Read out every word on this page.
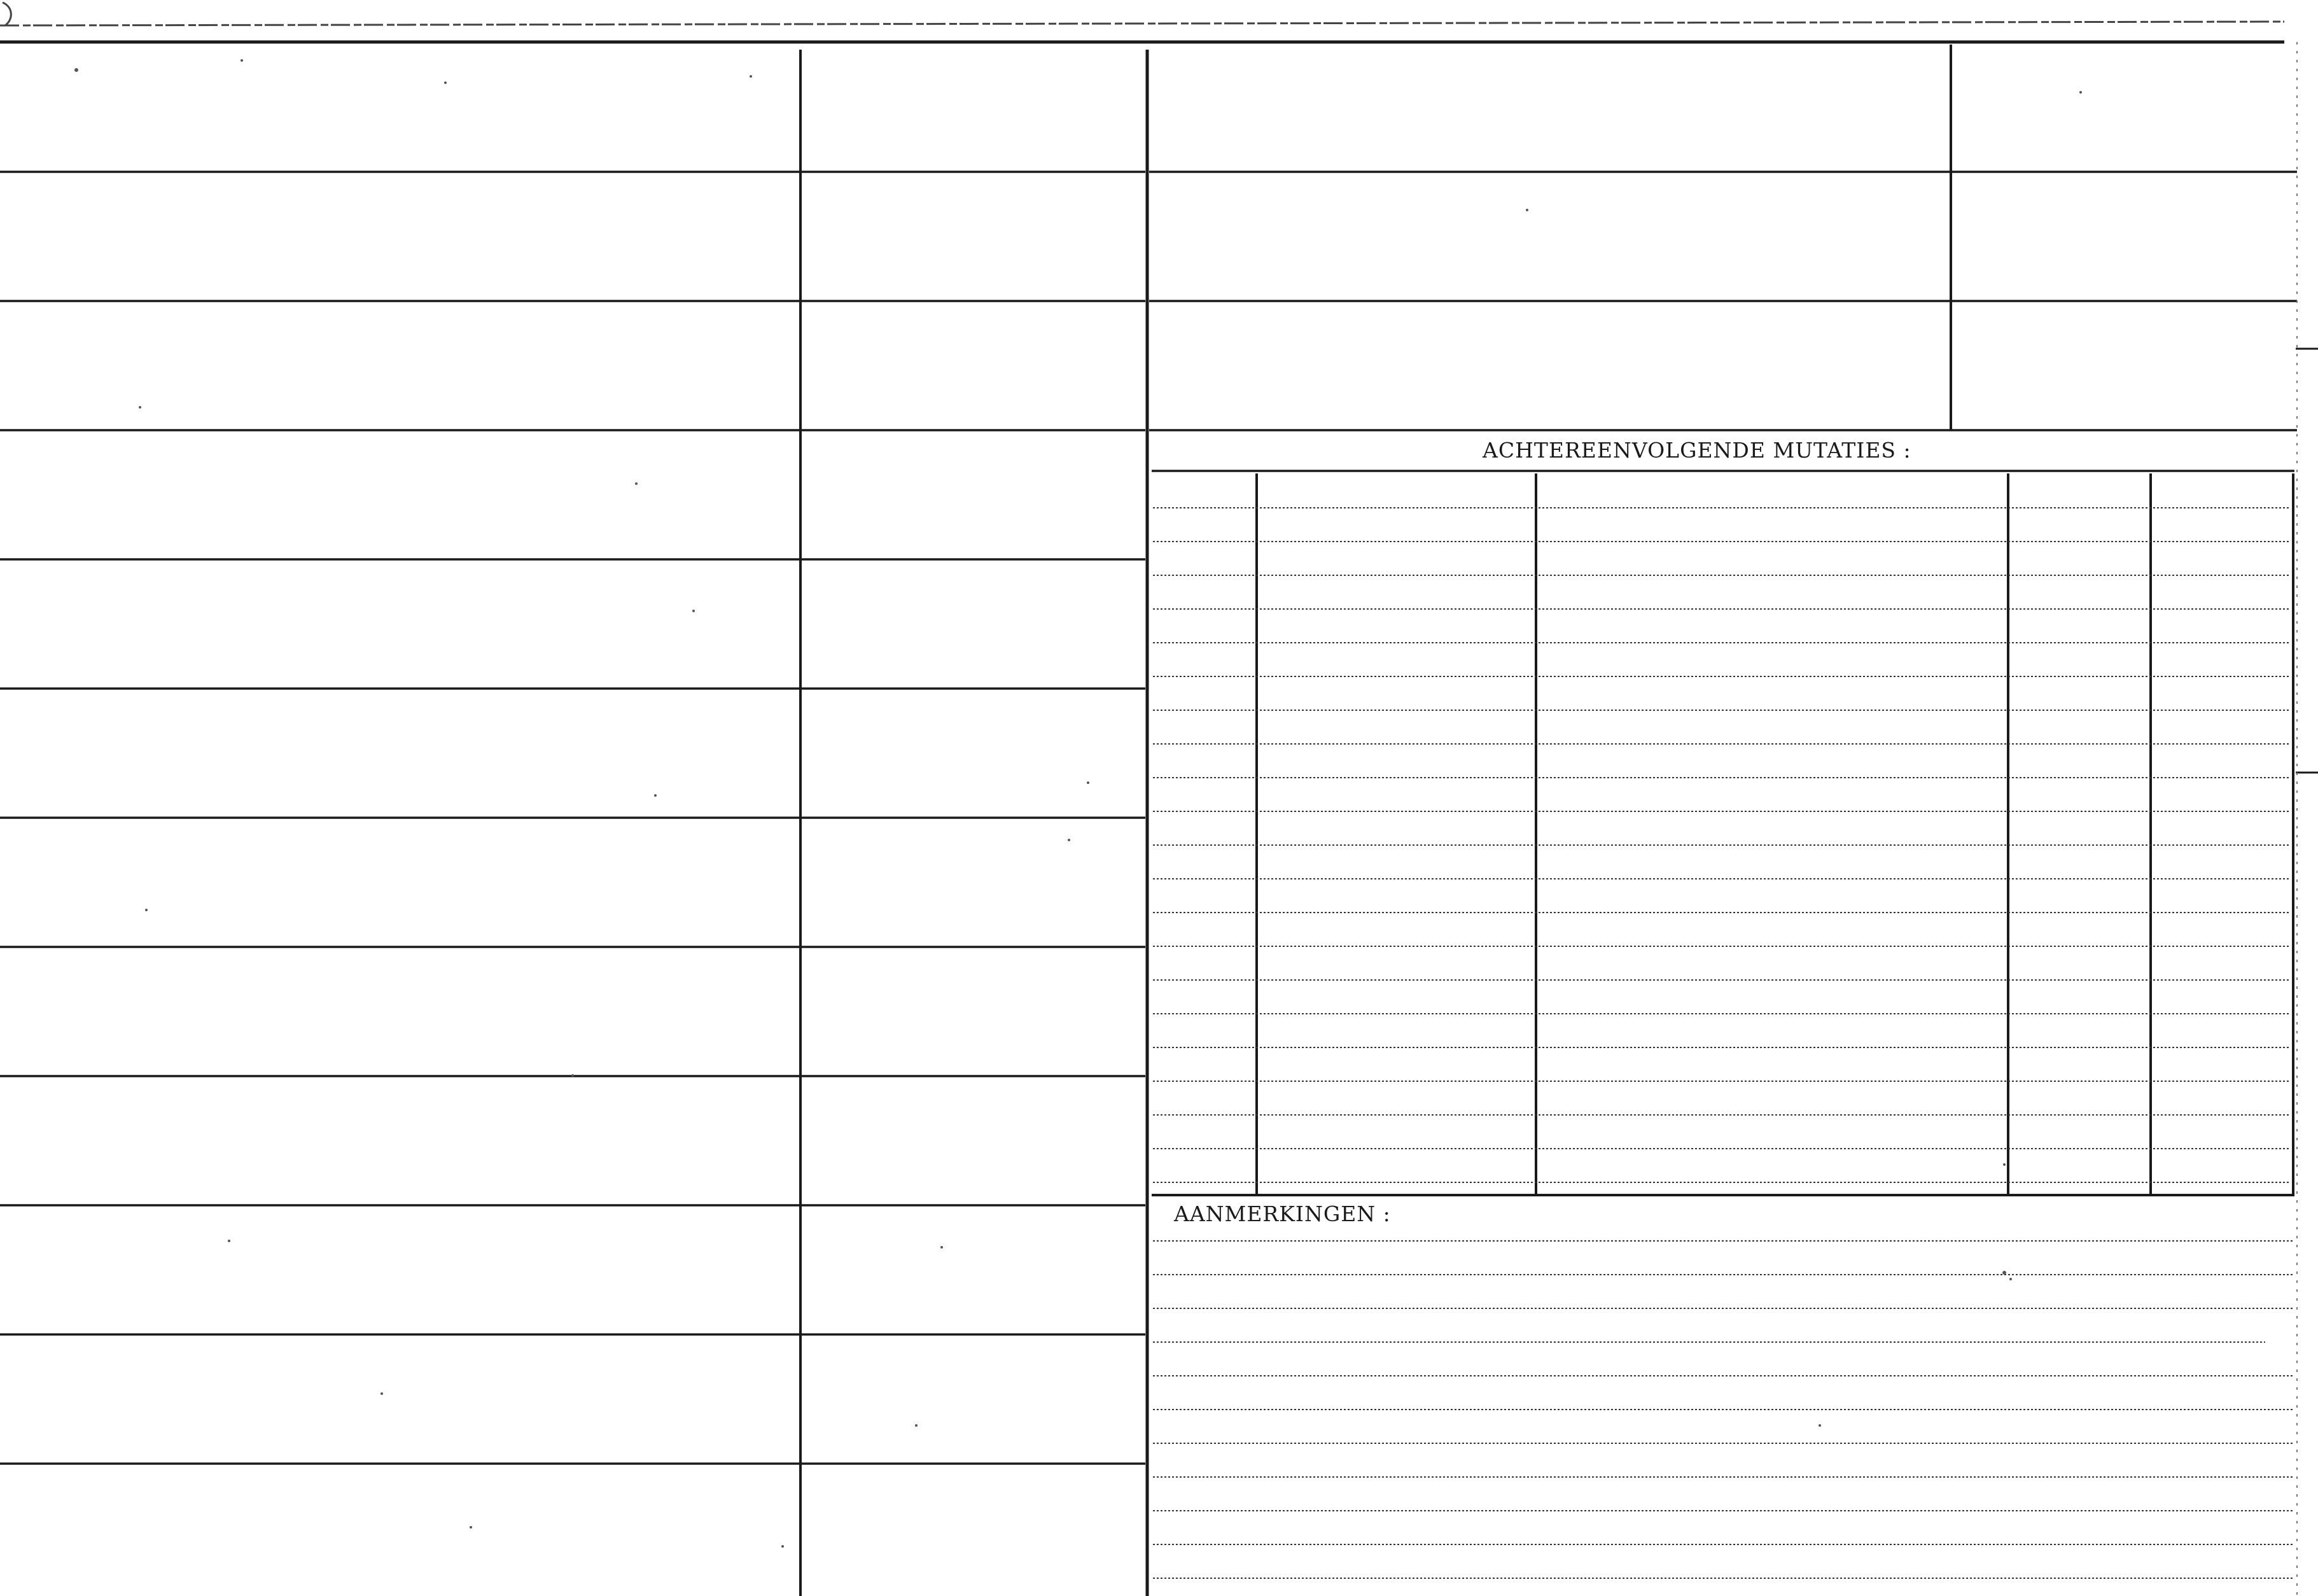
ACHTEREENVOLGENDE MUTATIES :
AANMERKINGEN :
